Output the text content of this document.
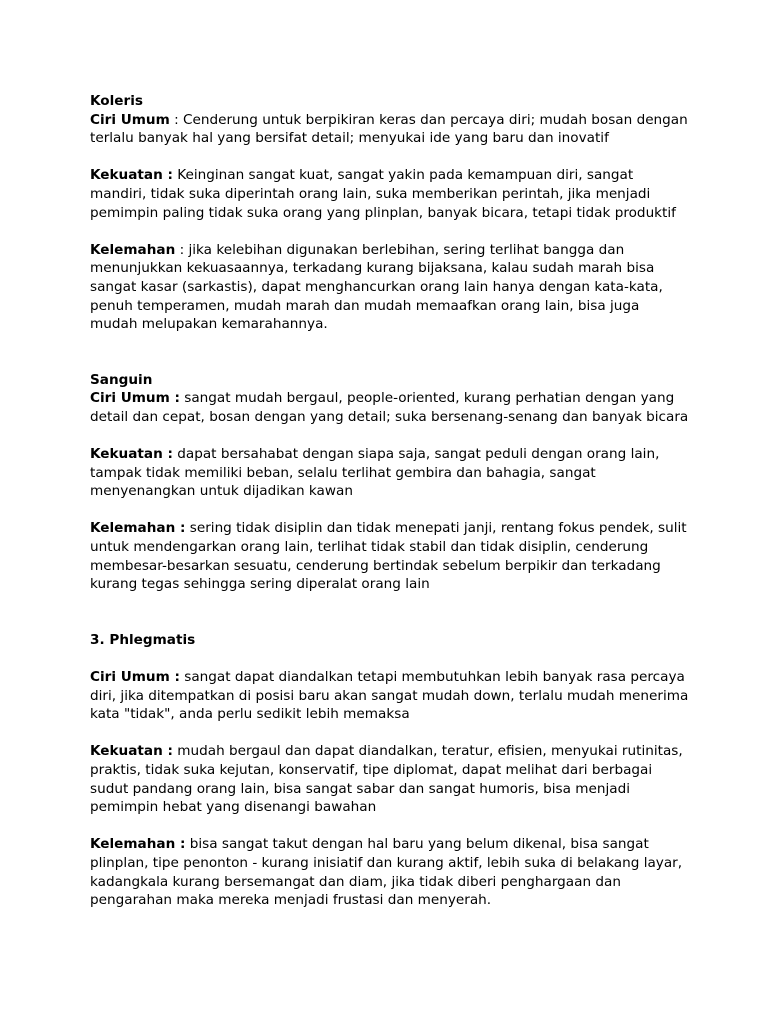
Koleris

Ciri Umum : Cenderung untuk berpikiran keras dan percaya diri; mudah bosan dengan terlalu banyak hal yang bersifat detail; menyukai ide yang baru dan inovatif

Kekuatan : Keinginan sangat kuat, sangat yakin pada kemampuan diri, sangat mandiri, tidak suka diperintah orang lain, suka memberikan perintah, jika menjadi pemimpin paling tidak suka orang yang plinplan, banyak bicara, tetapi tidak produktif

Kelemahan : jika kelebihan digunakan berlebihan, sering terlihat bangga dan menunjukkan kekuasaannya, terkadang kurang bijaksana, kalau sudah marah bisa sangat kasar (sarkastis), dapat menghancurkan orang lain hanya dengan kata-kata, penuh temperamen, mudah marah dan mudah memaafkan orang lain, bisa juga mudah melupakan kemarahannya.

Sanguin

Ciri Umum : sangat mudah bergaul, people-oriented, kurang perhatian dengan yang detail dan cepat, bosan dengan yang detail; suka bersenang-senang dan banyak bicara

Kekuatan : dapat bersahabat dengan siapa saja, sangat peduli dengan orang lain, tampak tidak memiliki beban, selalu terlihat gembira dan bahagia, sangat menyenangkan untuk dijadikan kawan

Kelemahan : sering tidak disiplin dan tidak menepati janji, rentang fokus pendek, sulit untuk mendengarkan orang lain, terlihat tidak stabil dan tidak disiplin, cenderung membesar-besarkan sesuatu, cenderung bertindak sebelum berpikir dan terkadang kurang tegas sehingga sering diperalat orang lain

3. Phlegmatis

Ciri Umum : sangat dapat diandalkan tetapi membutuhkan lebih banyak rasa percaya diri, jika ditempatkan di posisi baru akan sangat mudah down, terlalu mudah menerima kata "tidak", anda perlu sedikit lebih memaksa

Kekuatan : mudah bergaul dan dapat diandalkan, teratur, efisien, menyukai rutinitas, praktis, tidak suka kejutan, konservatif, tipe diplomat, dapat melihat dari berbagai sudut pandang orang lain, bisa sangat sabar dan sangat humoris, bisa menjadi pemimpin hebat yang disenangi bawahan

Kelemahan : bisa sangat takut dengan hal baru yang belum dikenal, bisa sangat plinplan, tipe penonton - kurang inisiatif dan kurang aktif, lebih suka di belakang layar, kadangkala kurang bersemangat dan diam, jika tidak diberi penghargaan dan pengarahan maka mereka menjadi frustasi dan menyerah.
